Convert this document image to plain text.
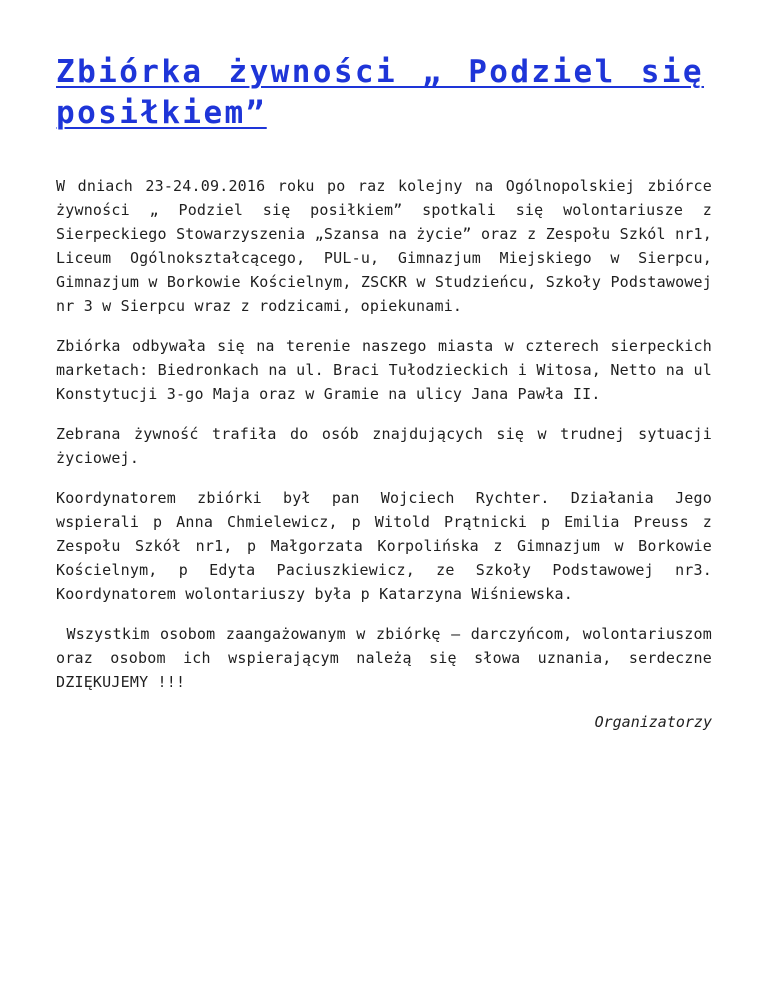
Zbiórka żywności „ Podziel się posiłkiem”

W dniach 23-24.09.2016 roku po raz kolejny na Ogólnopolskiej zbiórce żywności „ Podziel się posiłkiem” spotkali się wolontariusze z Sierpeckiego Stowarzyszenia „Szansa na życie” oraz z Zespołu Szkól nr1, Liceum Ogólnokształcącego, PUL-u, Gimnazjum Miejskiego w Sierpcu, Gimnazjum w Borkowie Kościelnym, ZSCKR w Studzieńcu, Szkoły Podstawowej nr 3 w Sierpcu wraz z rodzicami, opiekunami.

Zbiórka odbywała się na terenie naszego miasta w czterech sierpeckich marketach: Biedronkach na ul. Braci Tułodzieckich i Witosa, Netto na ul Konstytucji 3-go Maja oraz w Gramie na ulicy Jana Pawła II.

Zebrana żywność trafiła do osób znajdujących się w trudnej sytuacji życiowej.

Koordynatorem zbiórki był pan Wojciech Rychter. Działania Jego wspierali p Anna Chmielewicz, p Witold Prątnicki p Emilia Preuss z Zespołu Szkół nr1, p Małgorzata Korpolińska z Gimnazjum w Borkowie Kościelnym, p Edyta Paciuszkiewicz, ze Szkoły Podstawowej nr3. Koordynatorem wolontariuszy była p Katarzyna Wiśniewska.

Wszystkim osobom zaangażowanym w zbiórkę – darczyńcom, wolontariuszom oraz osobom ich wspierającym należą się słowa uznania, serdeczne DZIĘKUJEMY !!!

Organizatorzy
